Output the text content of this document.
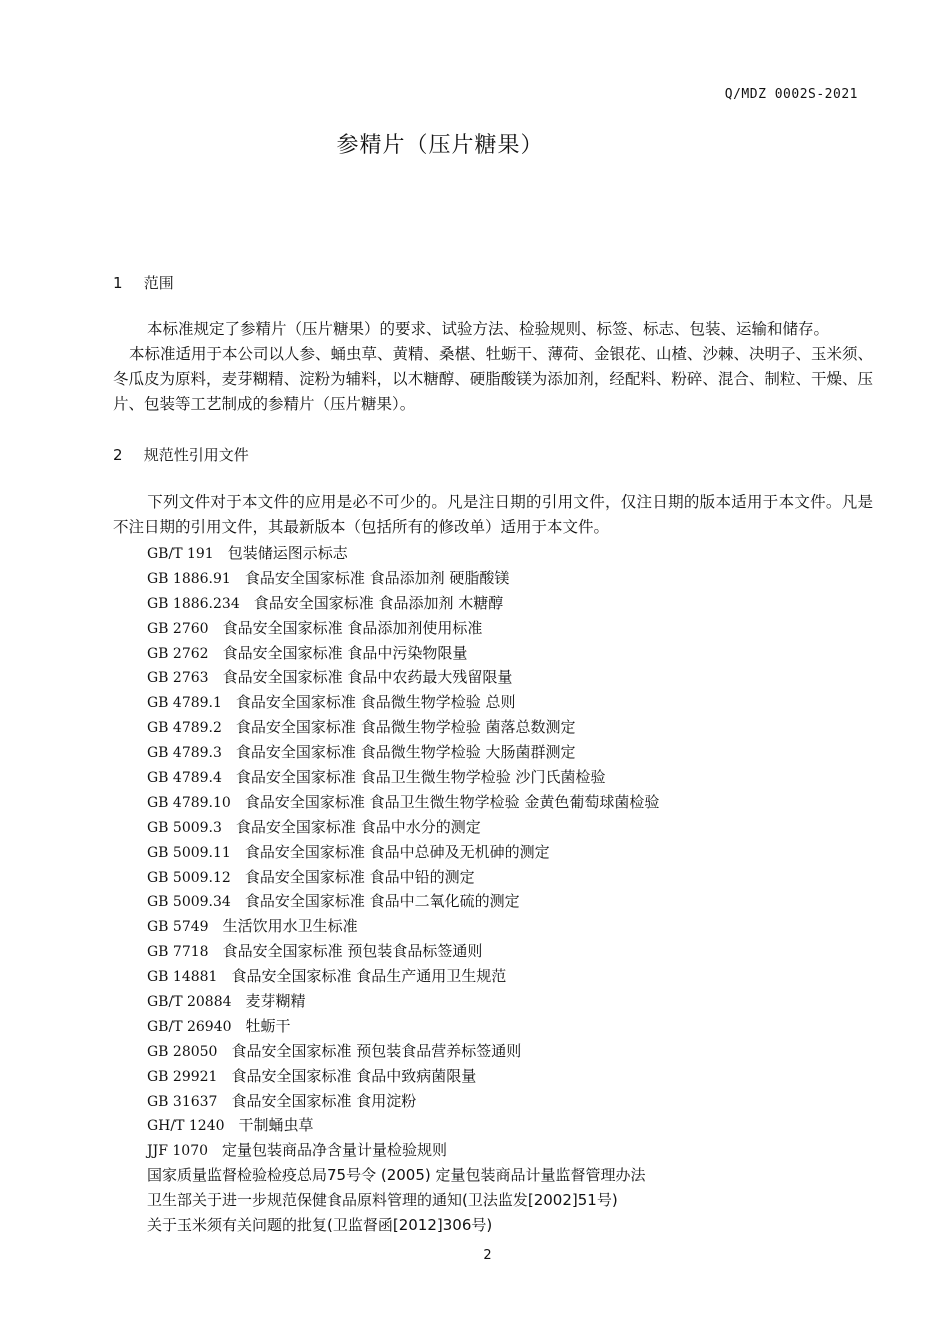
Q/MDZ 0002S-2021
参精片（压片糖果）
1 范围
本标准规定了参精片（压片糖果）的要求、试验方法、检验规则、标签、标志、包装、运输和储存。
本标准适用于本公司以人参、蛹虫草、黄精、桑椹、牡蛎干、薄荷、金银花、山楂、沙棘、决明子、玉米须、冬瓜皮为原料，麦芽糊精、淀粉为辅料，以木糖醇、硬脂酸镁为添加剂，经配料、粉碎、混合、制粒、干燥、压片、包装等工艺制成的参精片（压片糖果）。
2 规范性引用文件
下列文件对于本文件的应用是必不可少的。凡是注日期的引用文件，仅注日期的版本适用于本文件。凡是不注日期的引用文件，其最新版本（包括所有的修改单）适用于本文件。
GB/T 191 包装储运图示标志
GB 1886.91 食品安全国家标准 食品添加剂 硬脂酸镁
GB 1886.234 食品安全国家标准 食品添加剂 木糖醇
GB 2760 食品安全国家标准 食品添加剂使用标准
GB 2762 食品安全国家标准 食品中污染物限量
GB 2763 食品安全国家标准 食品中农药最大残留限量
GB 4789.1 食品安全国家标准 食品微生物学检验 总则
GB 4789.2 食品安全国家标准 食品微生物学检验 菌落总数测定
GB 4789.3 食品安全国家标准 食品微生物学检验 大肠菌群测定
GB 4789.4 食品安全国家标准 食品卫生微生物学检验 沙门氏菌检验
GB 4789.10 食品安全国家标准 食品卫生微生物学检验 金黄色葡萄球菌检验
GB 5009.3 食品安全国家标准 食品中水分的测定
GB 5009.11 食品安全国家标准 食品中总砷及无机砷的测定
GB 5009.12 食品安全国家标准 食品中铅的测定
GB 5009.34 食品安全国家标准 食品中二氧化硫的测定
GB 5749 生活饮用水卫生标准
GB 7718 食品安全国家标准 预包装食品标签通则
GB 14881 食品安全国家标准 食品生产通用卫生规范
GB/T 20884 麦芽糊精
GB/T 26940 牡蛎干
GB 28050 食品安全国家标准 预包装食品营养标签通则
GB 29921 食品安全国家标准 食品中致病菌限量
GB 31637 食品安全国家标准 食用淀粉
GH/T 1240 干制蛹虫草
JJF 1070 定量包装商品净含量计量检验规则
国家质量监督检验检疫总局75号令 (2005) 定量包装商品计量监督管理办法
卫生部关于进一步规范保健食品原料管理的通知(卫法监发[2002]51号)
关于玉米须有关问题的批复(卫监督函[2012]306号)
2
